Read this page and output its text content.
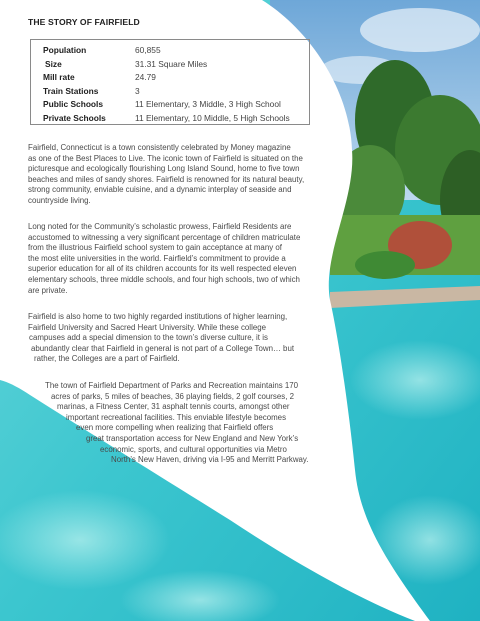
THE STORY OF FAIRFIELD
Population	60,855
Size	31.31 Square Miles
Mill rate	24.79
Train Stations	3
Public Schools	11 Elementary, 3 Middle, 3 High School
Private Schools	11 Elementary, 10 Middle, 5 High Schools
Fairfield, Connecticut is a town consistently celebrated by Money magazine
as one of the Best Places to Live. The iconic town of Fairfield is situated on the
picturesque and ecologically flourishing Long Island Sound, home to five town
beaches and miles of sandy shores. Fairfield is renowned for its natural beauty,
strong community, enviable cuisine, and a dynamic interplay of seaside and
countryside living.
Long noted for the Community’s scholastic prowess, Fairfield Residents are
accustomed to witnessing a very significant percentage of children matriculate
from the illustrious Fairfield school system to gain acceptance at many of
the most elite universities in the world. Fairfield’s commitment to provide a
superior education for all of its children accounts for its well respected eleven
elementary schools, three middle schools, and four high schools, two of which
are private.
Fairfield is also home to two highly regarded institutions of higher learning,
Fairfield University and Sacred Heart University. While these college
campuses add a special dimension to the town’s diverse culture, it is
abundantly clear that Fairfield in general is not part of a College Town… but
rather, the Colleges are a part of Fairfield.
The town of Fairfield Department of Parks and Recreation maintains 170
acres of parks, 5 miles of beaches, 36 playing fields, 2 golf courses, 2
marinas, a Fitness Center, 31 asphalt tennis courts, amongst other
important recreational facilities. This enviable lifestyle becomes
even more compelling when realizing that Fairfield offers
great transportation access for New England and New York’s
economic, sports, and cultural opportunities via Metro
North’s New Haven, driving via I-95 and Merritt Parkway.
